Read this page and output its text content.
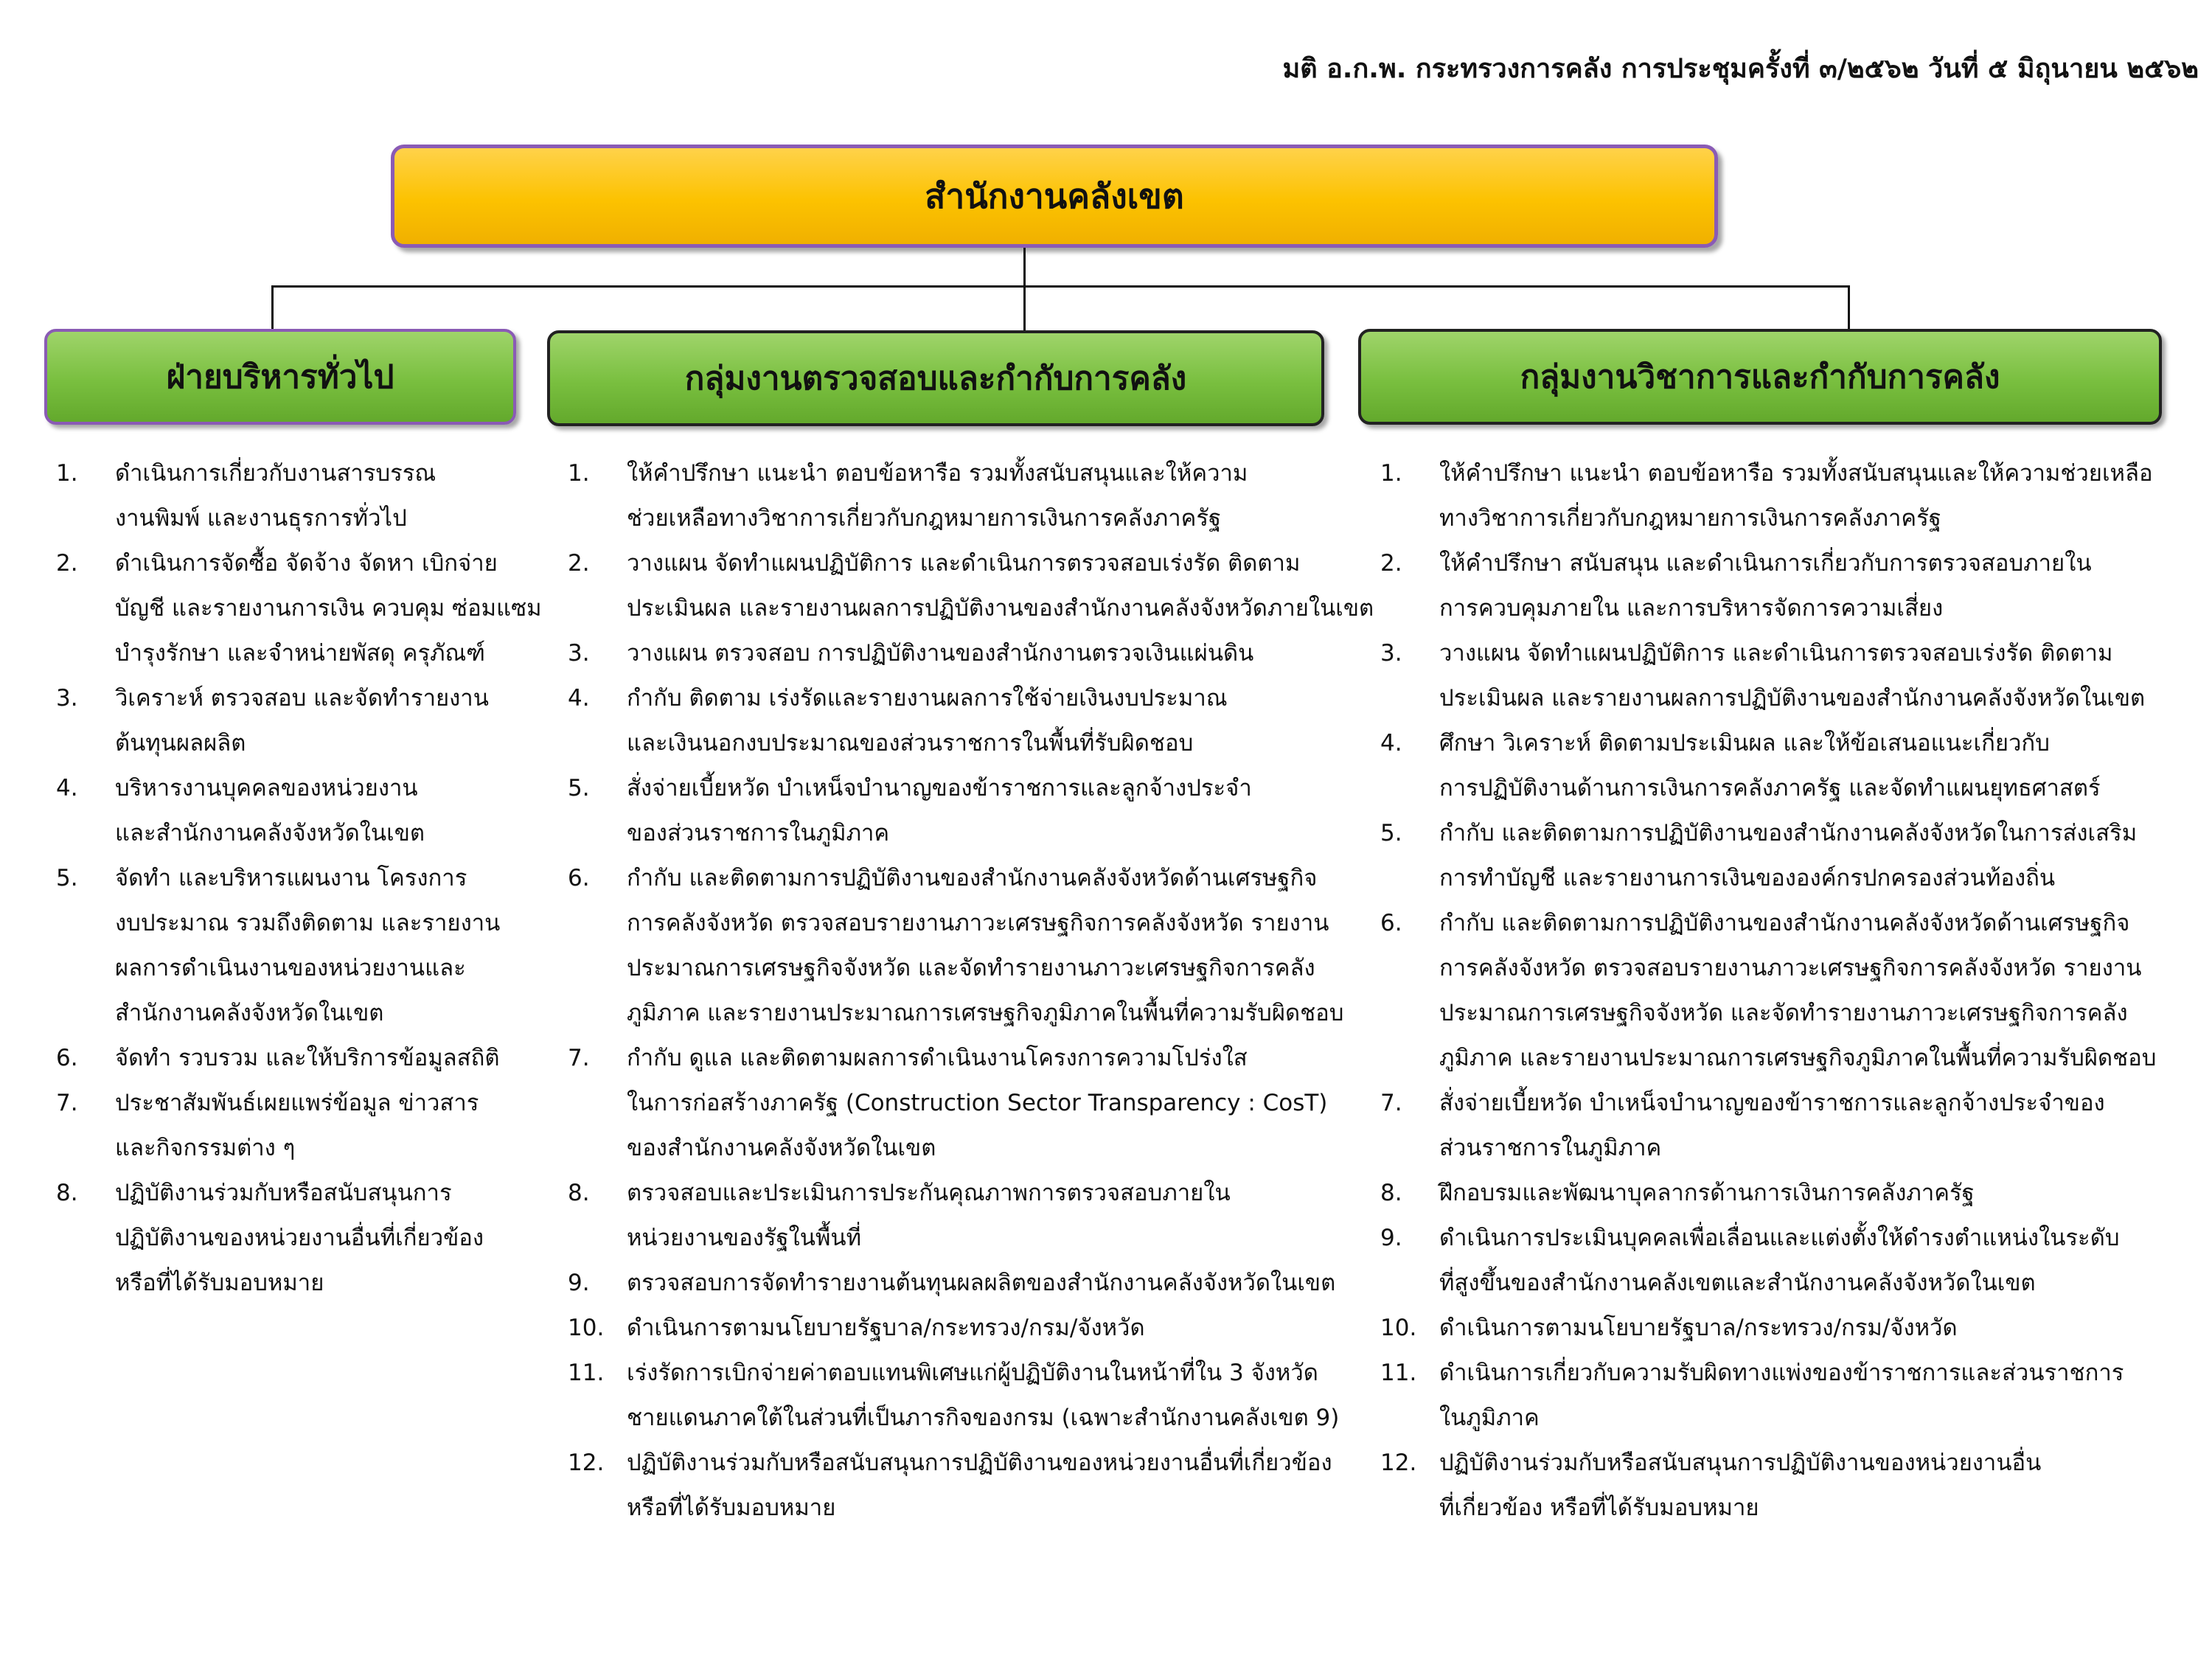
มติ อ.ก.พ. กระทรวงการคลัง การประชุมครั้งที่ ๓/๒๕๖๒ วันที่ ๕ มิถุนายน ๒๕๖๒
สำนักงานคลังเขต
ฝ่ายบริหารทั่วไป	กลุ่มงานตรวจสอบและกำกับการคลัง	กลุ่มงานวิชาการและกำกับการคลัง
1. ดำเนินการเกี่ยวกับงานสารบรรณ
งานพิมพ์ และงานธุรการทั่วไป
2. ดำเนินการจัดซื้อ จัดจ้าง จัดหา เบิกจ่าย
บัญชี และรายงานการเงิน ควบคุม ซ่อมแซม
บำรุงรักษา และจำหน่ายพัสดุ ครุภัณฑ์
3. วิเคราะห์ ตรวจสอบ และจัดทำรายงาน
ต้นทุนผลผลิต
4. บริหารงานบุคคลของหน่วยงาน
และสำนักงานคลังจังหวัดในเขต
5. จัดทำ และบริหารแผนงาน โครงการ
งบประมาณ รวมถึงติดตาม และรายงาน
ผลการดำเนินงานของหน่วยงานและ
สำนักงานคลังจังหวัดในเขต
6. จัดทำ รวบรวม และให้บริการข้อมูลสถิติ
7. ประชาสัมพันธ์เผยแพร่ข้อมูล ข่าวสาร
และกิจกรรมต่าง ๆ
8. ปฏิบัติงานร่วมกับหรือสนับสนุนการ
ปฏิบัติงานของหน่วยงานอื่นที่เกี่ยวข้อง
หรือที่ได้รับมอบหมาย
1. ให้คำปรึกษา แนะนำ ตอบข้อหารือ รวมทั้งสนับสนุนและให้ความ
ช่วยเหลือทางวิชาการเกี่ยวกับกฎหมายการเงินการคลังภาครัฐ
2. วางแผน จัดทำแผนปฏิบัติการ และดำเนินการตรวจสอบเร่งรัด ติดตาม
ประเมินผล และรายงานผลการปฏิบัติงานของสำนักงานคลังจังหวัดภายในเขต
3. วางแผน ตรวจสอบ การปฏิบัติงานของสำนักงานตรวจเงินแผ่นดิน
4. กำกับ ติดตาม เร่งรัดและรายงานผลการใช้จ่ายเงินงบประมาณ
และเงินนอกงบประมาณของส่วนราชการในพื้นที่รับผิดชอบ
5. สั่งจ่ายเบี้ยหวัด บำเหน็จบำนาญของข้าราชการและลูกจ้างประจำ
ของส่วนราชการในภูมิภาค
6. กำกับ และติดตามการปฏิบัติงานของสำนักงานคลังจังหวัดด้านเศรษฐกิจ
การคลังจังหวัด ตรวจสอบรายงานภาวะเศรษฐกิจการคลังจังหวัด รายงาน
ประมาณการเศรษฐกิจจังหวัด และจัดทำรายงานภาวะเศรษฐกิจการคลัง
ภูมิภาค และรายงานประมาณการเศรษฐกิจภูมิภาคในพื้นที่ความรับผิดชอบ
7. กำกับ ดูแล และติดตามผลการดำเนินงานโครงการความโปร่งใส
ในการก่อสร้างภาครัฐ (Construction Sector Transparency : CosT)
ของสำนักงานคลังจังหวัดในเขต
8. ตรวจสอบและประเมินการประกันคุณภาพการตรวจสอบภายใน
หน่วยงานของรัฐในพื้นที่
9. ตรวจสอบการจัดทำรายงานต้นทุนผลผลิตของสำนักงานคลังจังหวัดในเขต
10. ดำเนินการตามนโยบายรัฐบาล/กระทรวง/กรม/จังหวัด
11. เร่งรัดการเบิกจ่ายค่าตอบแทนพิเศษแก่ผู้ปฏิบัติงานในหน้าที่ใน 3 จังหวัด
ชายแดนภาคใต้ในส่วนที่เป็นภารกิจของกรม (เฉพาะสำนักงานคลังเขต 9)
12. ปฏิบัติงานร่วมกับหรือสนับสนุนการปฏิบัติงานของหน่วยงานอื่นที่เกี่ยวข้อง
หรือที่ได้รับมอบหมาย
1. ให้คำปรึกษา แนะนำ ตอบข้อหารือ รวมทั้งสนับสนุนและให้ความช่วยเหลือ
ทางวิชาการเกี่ยวกับกฎหมายการเงินการคลังภาครัฐ
2. ให้คำปรึกษา สนับสนุน และดำเนินการเกี่ยวกับการตรวจสอบภายใน
การควบคุมภายใน และการบริหารจัดการความเสี่ยง
3. วางแผน จัดทำแผนปฏิบัติการ และดำเนินการตรวจสอบเร่งรัด ติดตาม
ประเมินผล และรายงานผลการปฏิบัติงานของสำนักงานคลังจังหวัดในเขต
4. ศึกษา วิเคราะห์ ติดตามประเมินผล และให้ข้อเสนอแนะเกี่ยวกับ
การปฏิบัติงานด้านการเงินการคลังภาครัฐ และจัดทำแผนยุทธศาสตร์
5. กำกับ และติดตามการปฏิบัติงานของสำนักงานคลังจังหวัดในการส่งเสริม
การทำบัญชี และรายงานการเงินขององค์กรปกครองส่วนท้องถิ่น
6. กำกับ และติดตามการปฏิบัติงานของสำนักงานคลังจังหวัดด้านเศรษฐกิจ
การคลังจังหวัด ตรวจสอบรายงานภาวะเศรษฐกิจการคลังจังหวัด รายงาน
ประมาณการเศรษฐกิจจังหวัด และจัดทำรายงานภาวะเศรษฐกิจการคลัง
ภูมิภาค และรายงานประมาณการเศรษฐกิจภูมิภาคในพื้นที่ความรับผิดชอบ
7. สั่งจ่ายเบี้ยหวัด บำเหน็จบำนาญของข้าราชการและลูกจ้างประจำของ
ส่วนราชการในภูมิภาค
8. ฝึกอบรมและพัฒนาบุคลากรด้านการเงินการคลังภาครัฐ
9. ดำเนินการประเมินบุคคลเพื่อเลื่อนและแต่งตั้งให้ดำรงตำแหน่งในระดับ
ที่สูงขึ้นของสำนักงานคลังเขตและสำนักงานคลังจังหวัดในเขต
10. ดำเนินการตามนโยบายรัฐบาล/กระทรวง/กรม/จังหวัด
11. ดำเนินการเกี่ยวกับความรับผิดทางแพ่งของข้าราชการและส่วนราชการ
ในภูมิภาค
12. ปฏิบัติงานร่วมกับหรือสนับสนุนการปฏิบัติงานของหน่วยงานอื่น
ที่เกี่ยวข้อง หรือที่ได้รับมอบหมาย
